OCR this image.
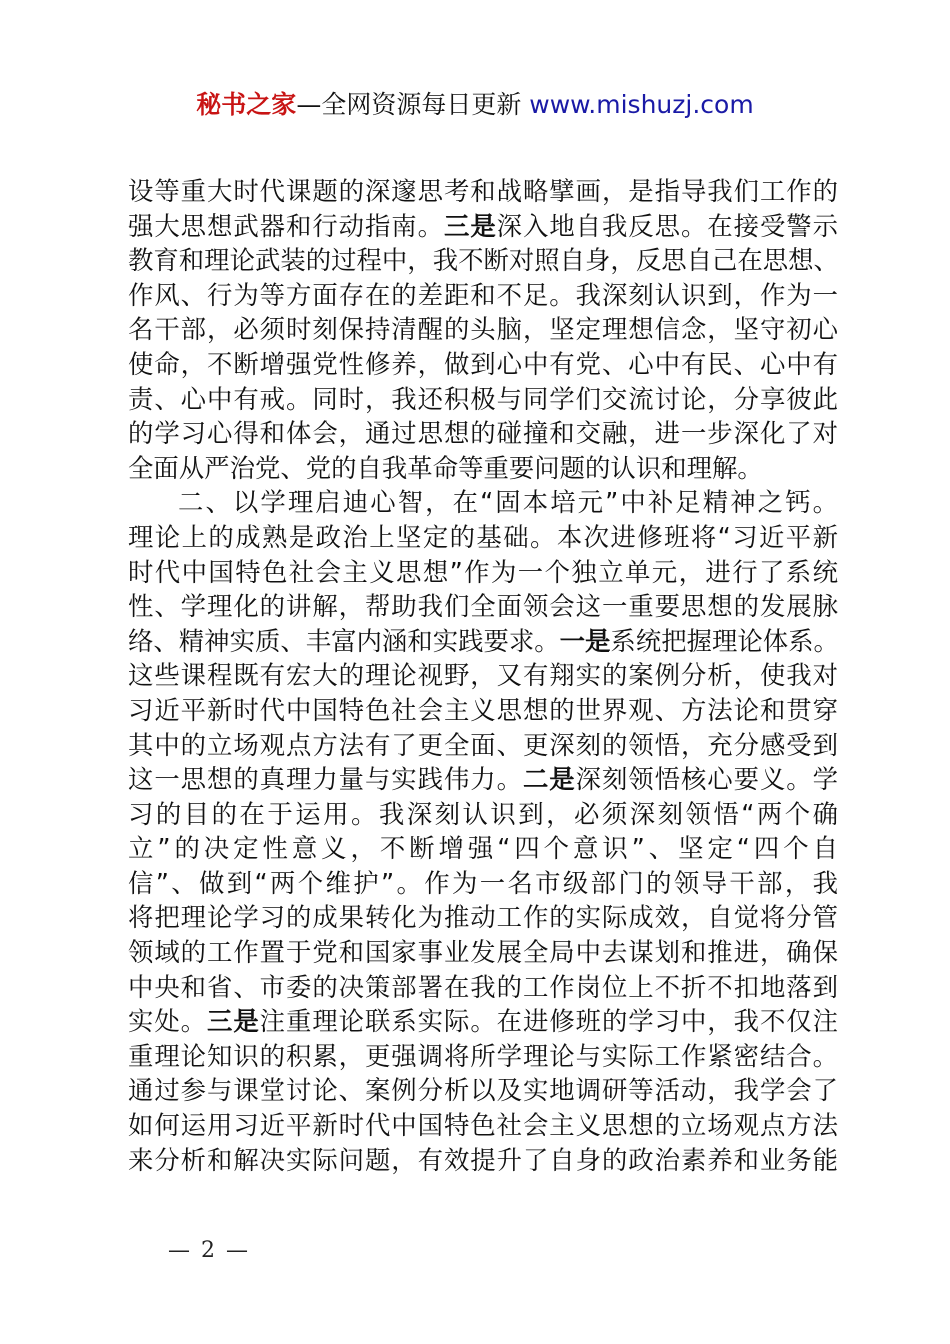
秘书之家—全网资源每日更新 www.mishuzj.com
设等重大时代课题的深邃思考和战略擘画，是指导我们工作的
强大思想武器和行动指南。三是深入地自我反思。在接受警示
教育和理论武装的过程中，我不断对照自身，反思自己在思想、
作风、行为等方面存在的差距和不足。我深刻认识到，作为一
名干部，必须时刻保持清醒的头脑，坚定理想信念，坚守初心
使命，不断增强党性修养，做到心中有党、心中有民、心中有
责、心中有戒。同时，我还积极与同学们交流讨论，分享彼此
的学习心得和体会，通过思想的碰撞和交融，进一步深化了对
全面从严治党、党的自我革命等重要问题的认识和理解。
二、以学理启迪心智，在“固本培元”中补足精神之钙。
理论上的成熟是政治上坚定的基础。本次进修班将“习近平新
时代中国特色社会主义思想”作为一个独立单元，进行了系统
性、学理化的讲解，帮助我们全面领会这一重要思想的发展脉
络、精神实质、丰富内涵和实践要求。一是系统把握理论体系。
这些课程既有宏大的理论视野，又有翔实的案例分析，使我对
习近平新时代中国特色社会主义思想的世界观、方法论和贯穿
其中的立场观点方法有了更全面、更深刻的领悟，充分感受到
这一思想的真理力量与实践伟力。二是深刻领悟核心要义。学
习的目的在于运用。我深刻认识到，必须深刻领悟“两个确
立”的决定性意义，不断增强“四个意识”、坚定“四个自
信”、做到“两个维护”。作为一名市级部门的领导干部，我
将把理论学习的成果转化为推动工作的实际成效，自觉将分管
领域的工作置于党和国家事业发展全局中去谋划和推进，确保
中央和省、市委的决策部署在我的工作岗位上不折不扣地落到
实处。三是注重理论联系实际。在进修班的学习中，我不仅注
重理论知识的积累，更强调将所学理论与实际工作紧密结合。
通过参与课堂讨论、案例分析以及实地调研等活动，我学会了
如何运用习近平新时代中国特色社会主义思想的立场观点方法
来分析和解决实际问题，有效提升了自身的政治素养和业务能
— 2 —
